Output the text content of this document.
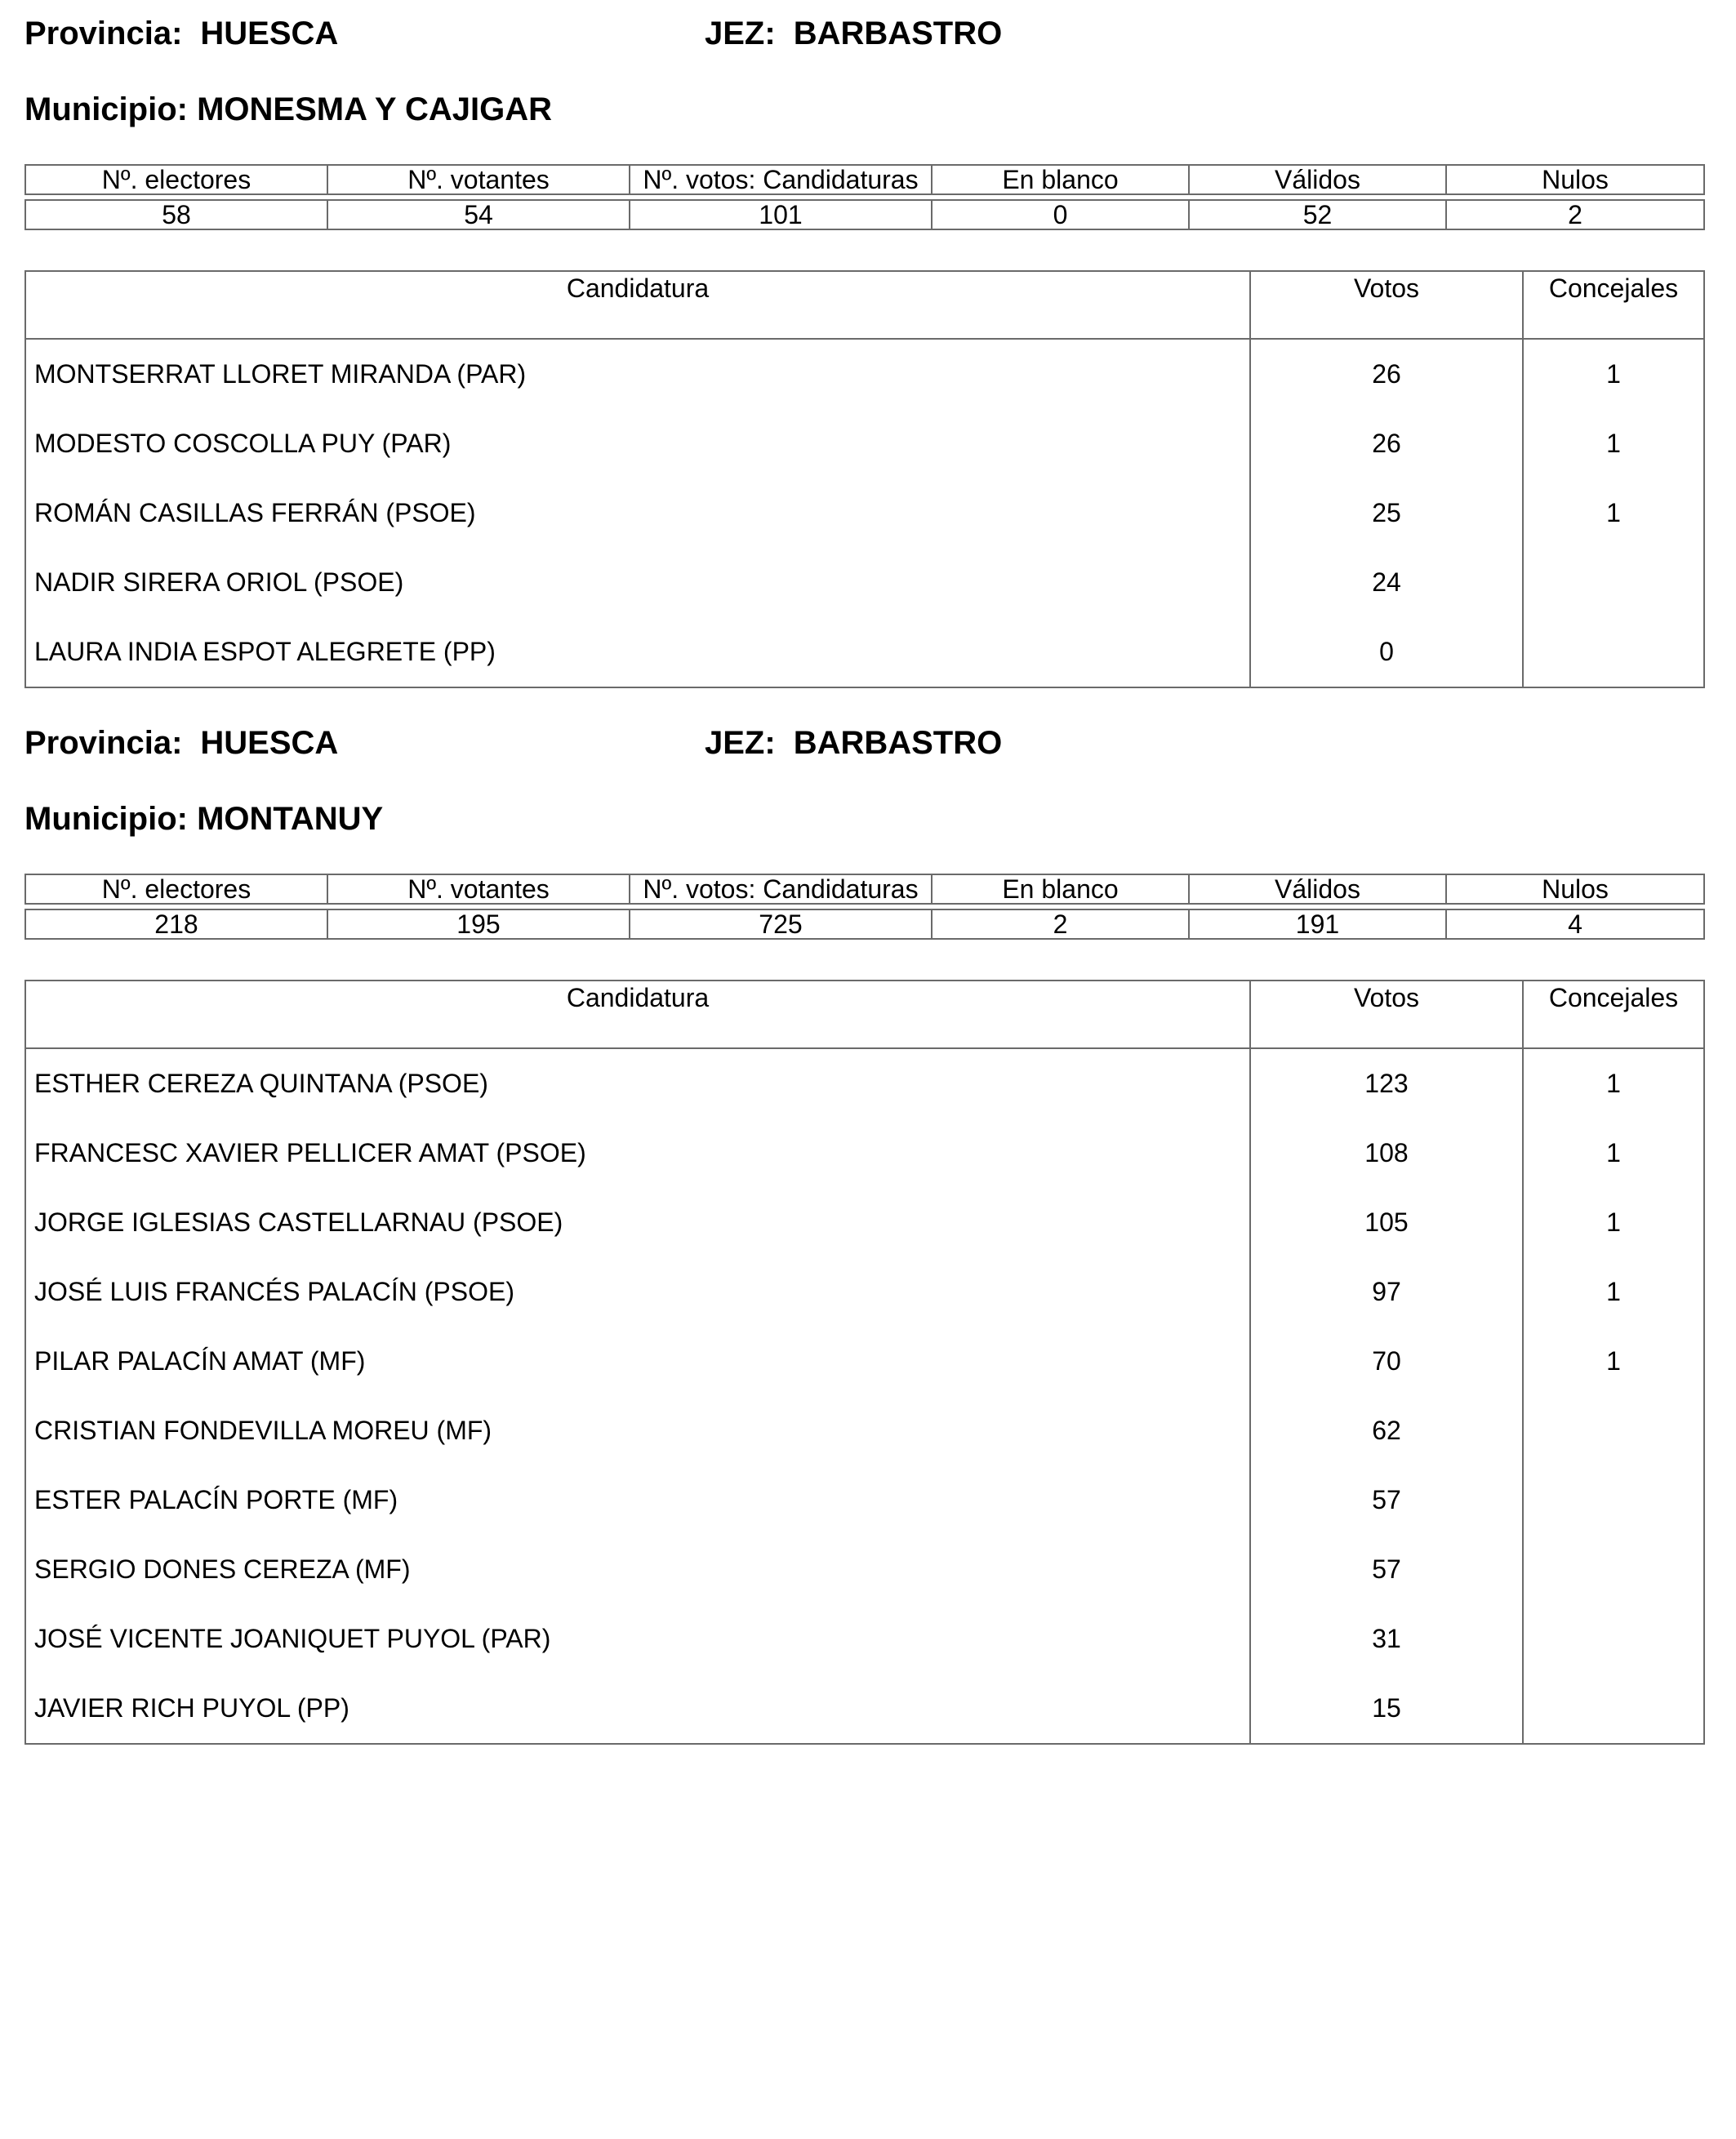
Provincia: HUESCA	JEZ: BARBASTRO
Municipio: MONESMA Y CAJIGAR
Nº. electores	Nº. votantes	Nº. votos: Candidaturas	En blanco	Válidos	Nulos
58	54	101	0	52	2
Candidatura	Votos	Concejales
MONTSERRAT LLORET MIRANDA (PAR)	26	1
MODESTO COSCOLLA PUY (PAR)	26	1
ROMÁN CASILLAS FERRÁN (PSOE)	25	1
NADIR SIRERA ORIOL (PSOE)	24	
LAURA INDIA ESPOT ALEGRETE (PP)	0	
Provincia: HUESCA	JEZ: BARBASTRO
Municipio: MONTANUY
Nº. electores	Nº. votantes	Nº. votos: Candidaturas	En blanco	Válidos	Nulos
218	195	725	2	191	4
Candidatura	Votos	Concejales
ESTHER CEREZA QUINTANA (PSOE)	123	1
FRANCESC XAVIER PELLICER AMAT (PSOE)	108	1
JORGE IGLESIAS CASTELLARNAU (PSOE)	105	1
JOSÉ LUIS FRANCÉS PALACÍN (PSOE)	97	1
PILAR PALACÍN AMAT (MF)	70	1
CRISTIAN FONDEVILLA MOREU (MF)	62	
ESTER PALACÍN PORTE (MF)	57	
SERGIO DONES CEREZA (MF)	57	
JOSÉ VICENTE JOANIQUET PUYOL (PAR)	31	
JAVIER RICH PUYOL (PP)	15	
